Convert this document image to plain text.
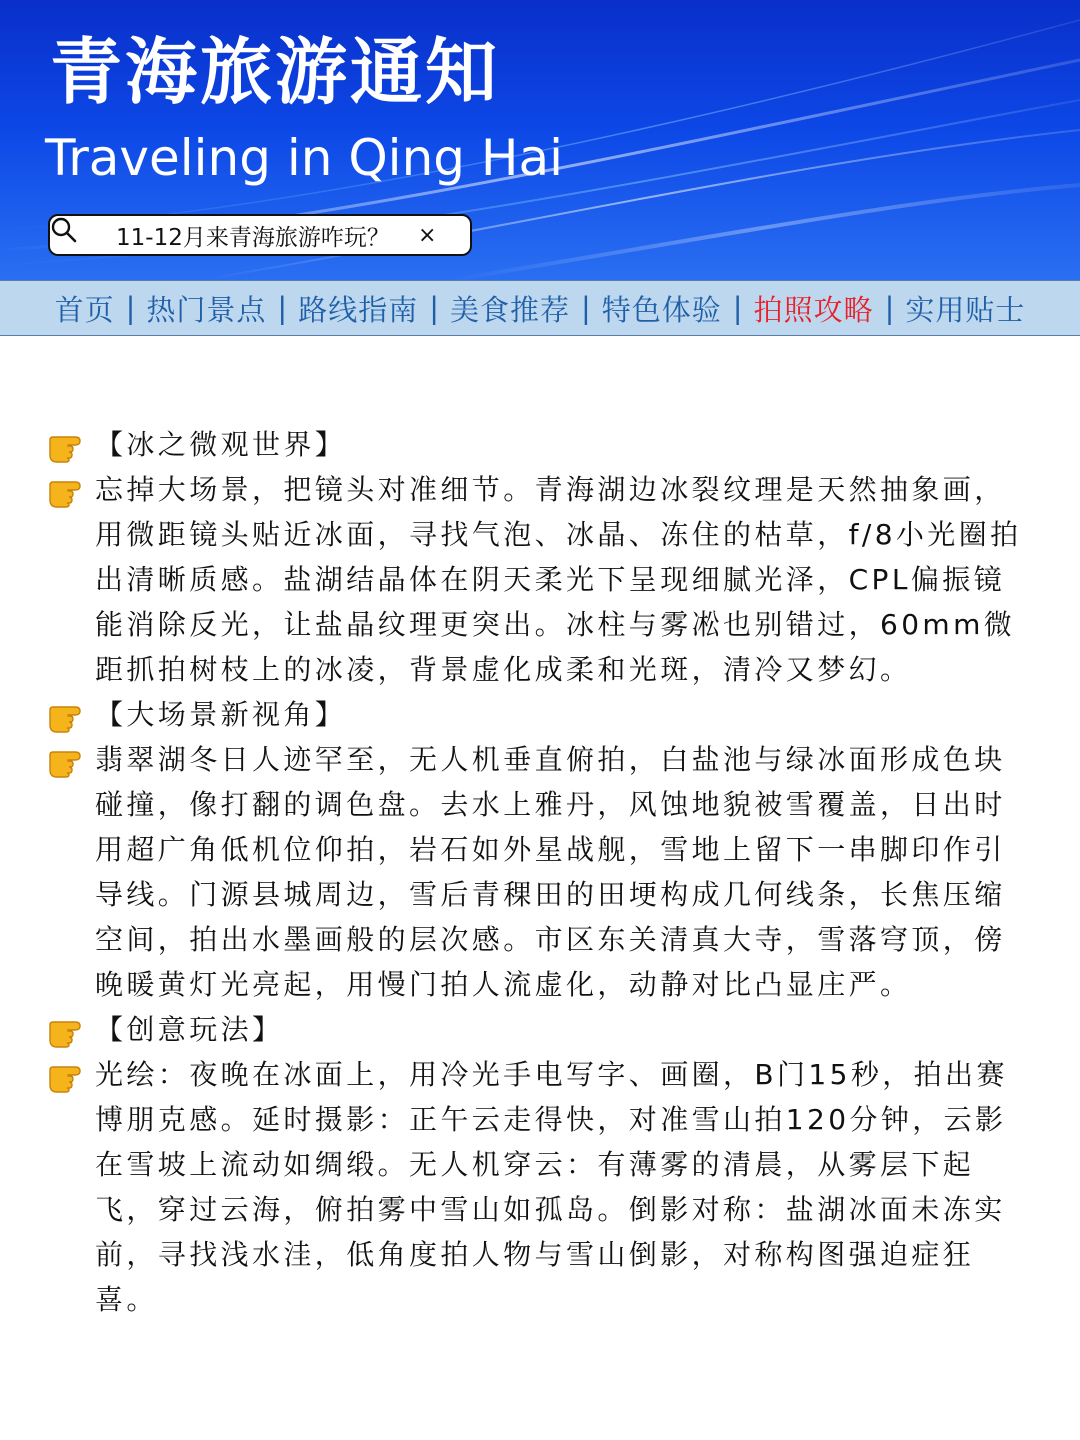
青海旅游通知
Traveling in Qing Hai
11-12月来青海旅游咋玩？
×
首页 | 热门景点 | 路线指南 | 美食推荐 | 特色体验 | 拍照攻略 | 实用贴士
【冰之微观世界】
忘掉大场景，把镜头对准细节。青海湖边冰裂纹理是天然抽象画，用微距镜头贴近冰面，寻找气泡、冰晶、冻住的枯草，f/8小光圈拍出清晰质感。盐湖结晶体在阴天柔光下呈现细腻光泽，CPL偏振镜能消除反光，让盐晶纹理更突出。冰柱与雾凇也别错过，60mm微距抓拍树枝上的冰凌，背景虚化成柔和光斑，清冷又梦幻。
【大场景新视角】
翡翠湖冬日人迹罕至，无人机垂直俯拍，白盐池与绿冰面形成色块碰撞，像打翻的调色盘。去水上雅丹，风蚀地貌被雪覆盖，日出时用超广角低机位仰拍，岩石如外星战舰，雪地上留下一串脚印作引导线。门源县城周边，雪后青稞田的田埂构成几何线条，长焦压缩空间，拍出水墨画般的层次感。市区东关清真大寺，雪落穹顶，傍晚暖黄灯光亮起，用慢门拍人流虚化，动静对比凸显庄严。
【创意玩法】
光绘：夜晚在冰面上，用冷光手电写字、画圈，B门15秒，拍出赛博朋克感。延时摄影：正午云走得快，对准雪山拍120分钟，云影在雪坡上流动如绸缎。无人机穿云：有薄雾的清晨，从雾层下起飞，穿过云海，俯拍雾中雪山如孤岛。倒影对称：盐湖冰面未冻实前，寻找浅水洼，低角度拍人物与雪山倒影，对称构图强迫症狂喜。
